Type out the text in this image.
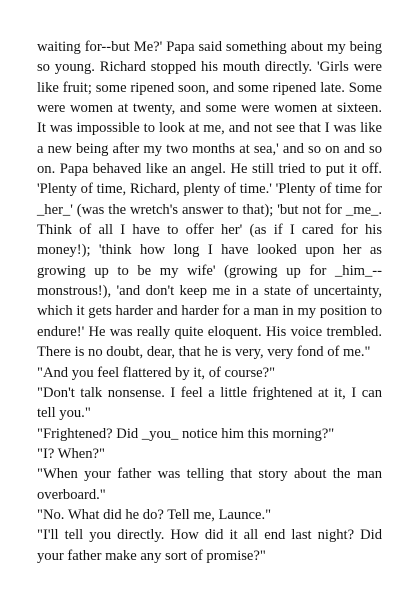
waiting for--but Me?' Papa said something about my being so young. Richard stopped his mouth directly. 'Girls were like fruit; some ripened soon, and some ripened late. Some were women at twenty, and some were women at sixteen. It was impossible to look at me, and not see that I was like a new being after my two months at sea,' and so on and so on. Papa behaved like an angel. He still tried to put it off. 'Plenty of time, Richard, plenty of time.' 'Plenty of time for _her_' (was the wretch's answer to that); 'but not for _me_. Think of all I have to offer her' (as if I cared for his money!); 'think how long I have looked upon her as growing up to be my wife' (growing up for _him_--monstrous!), 'and don't keep me in a state of uncertainty, which it gets harder and harder for a man in my position to endure!' He was really quite eloquent. His voice trembled. There is no doubt, dear, that he is very, very fond of me."

"And you feel flattered by it, of course?"

"Don't talk nonsense. I feel a little frightened at it, I can tell you."

"Frightened? Did _you_ notice him this morning?"

"I? When?"

"When your father was telling that story about the man overboard."

"No. What did he do? Tell me, Launce."

"I'll tell you directly. How did it all end last night? Did your father make any sort of promise?"
